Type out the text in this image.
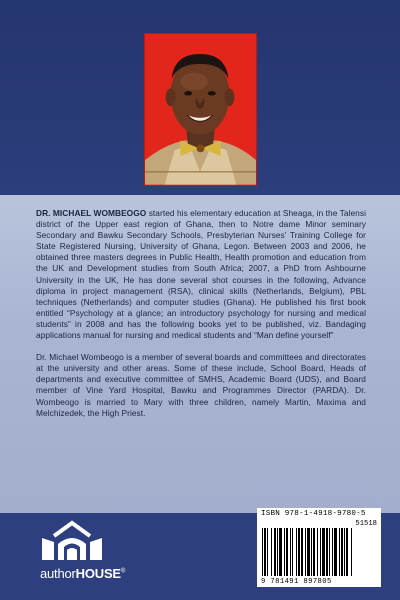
DR. MICHAEL WOMBEOGO started his elementary education at Sheaga, in the Talensi district of the Upper east region of Ghana, then to Notre dame Minor seminary Secondary and Bawku Secondary Schools, Presbyterian Nurses' Training College for State Registered Nursing, University of Ghana, Legon. Between 2003 and 2006, he obtained three masters degrees in Public Health, Health promotion and education from the UK and Development studies from South Africa; 2007, a PhD from Ashbourne University in the UK, He has done several shot courses in the following, Advance diploma in project management (RSA), clinical skills (Netherlands, Belgium), PBL techniques (Netherlands) and computer studies (Ghana). He published his first book entitled “Psychology at a glance; an introductory psychology for nursing and medical students” in 2008 and has the following books yet to be published, viz. Bandaging applications manual for nursing and medical students and “Man define yourself”

Dr. Michael Wombeogo is a member of several boards and committees and directorates at the university and other areas. Some of these include, School Board, Heads of departments and executive committee of SMHS, Academic Board (UDS), and Board member of Vine Yard Hospital, Bawku and Programmes Director (PARDA). Dr. Wombeogo is married to Mary with three children, namely Martin, Maxima and Melchizedek, the High Priest.

authorHOUSE®
ISBN 978-1-4918-9780-5
51518
9 781491 897805
